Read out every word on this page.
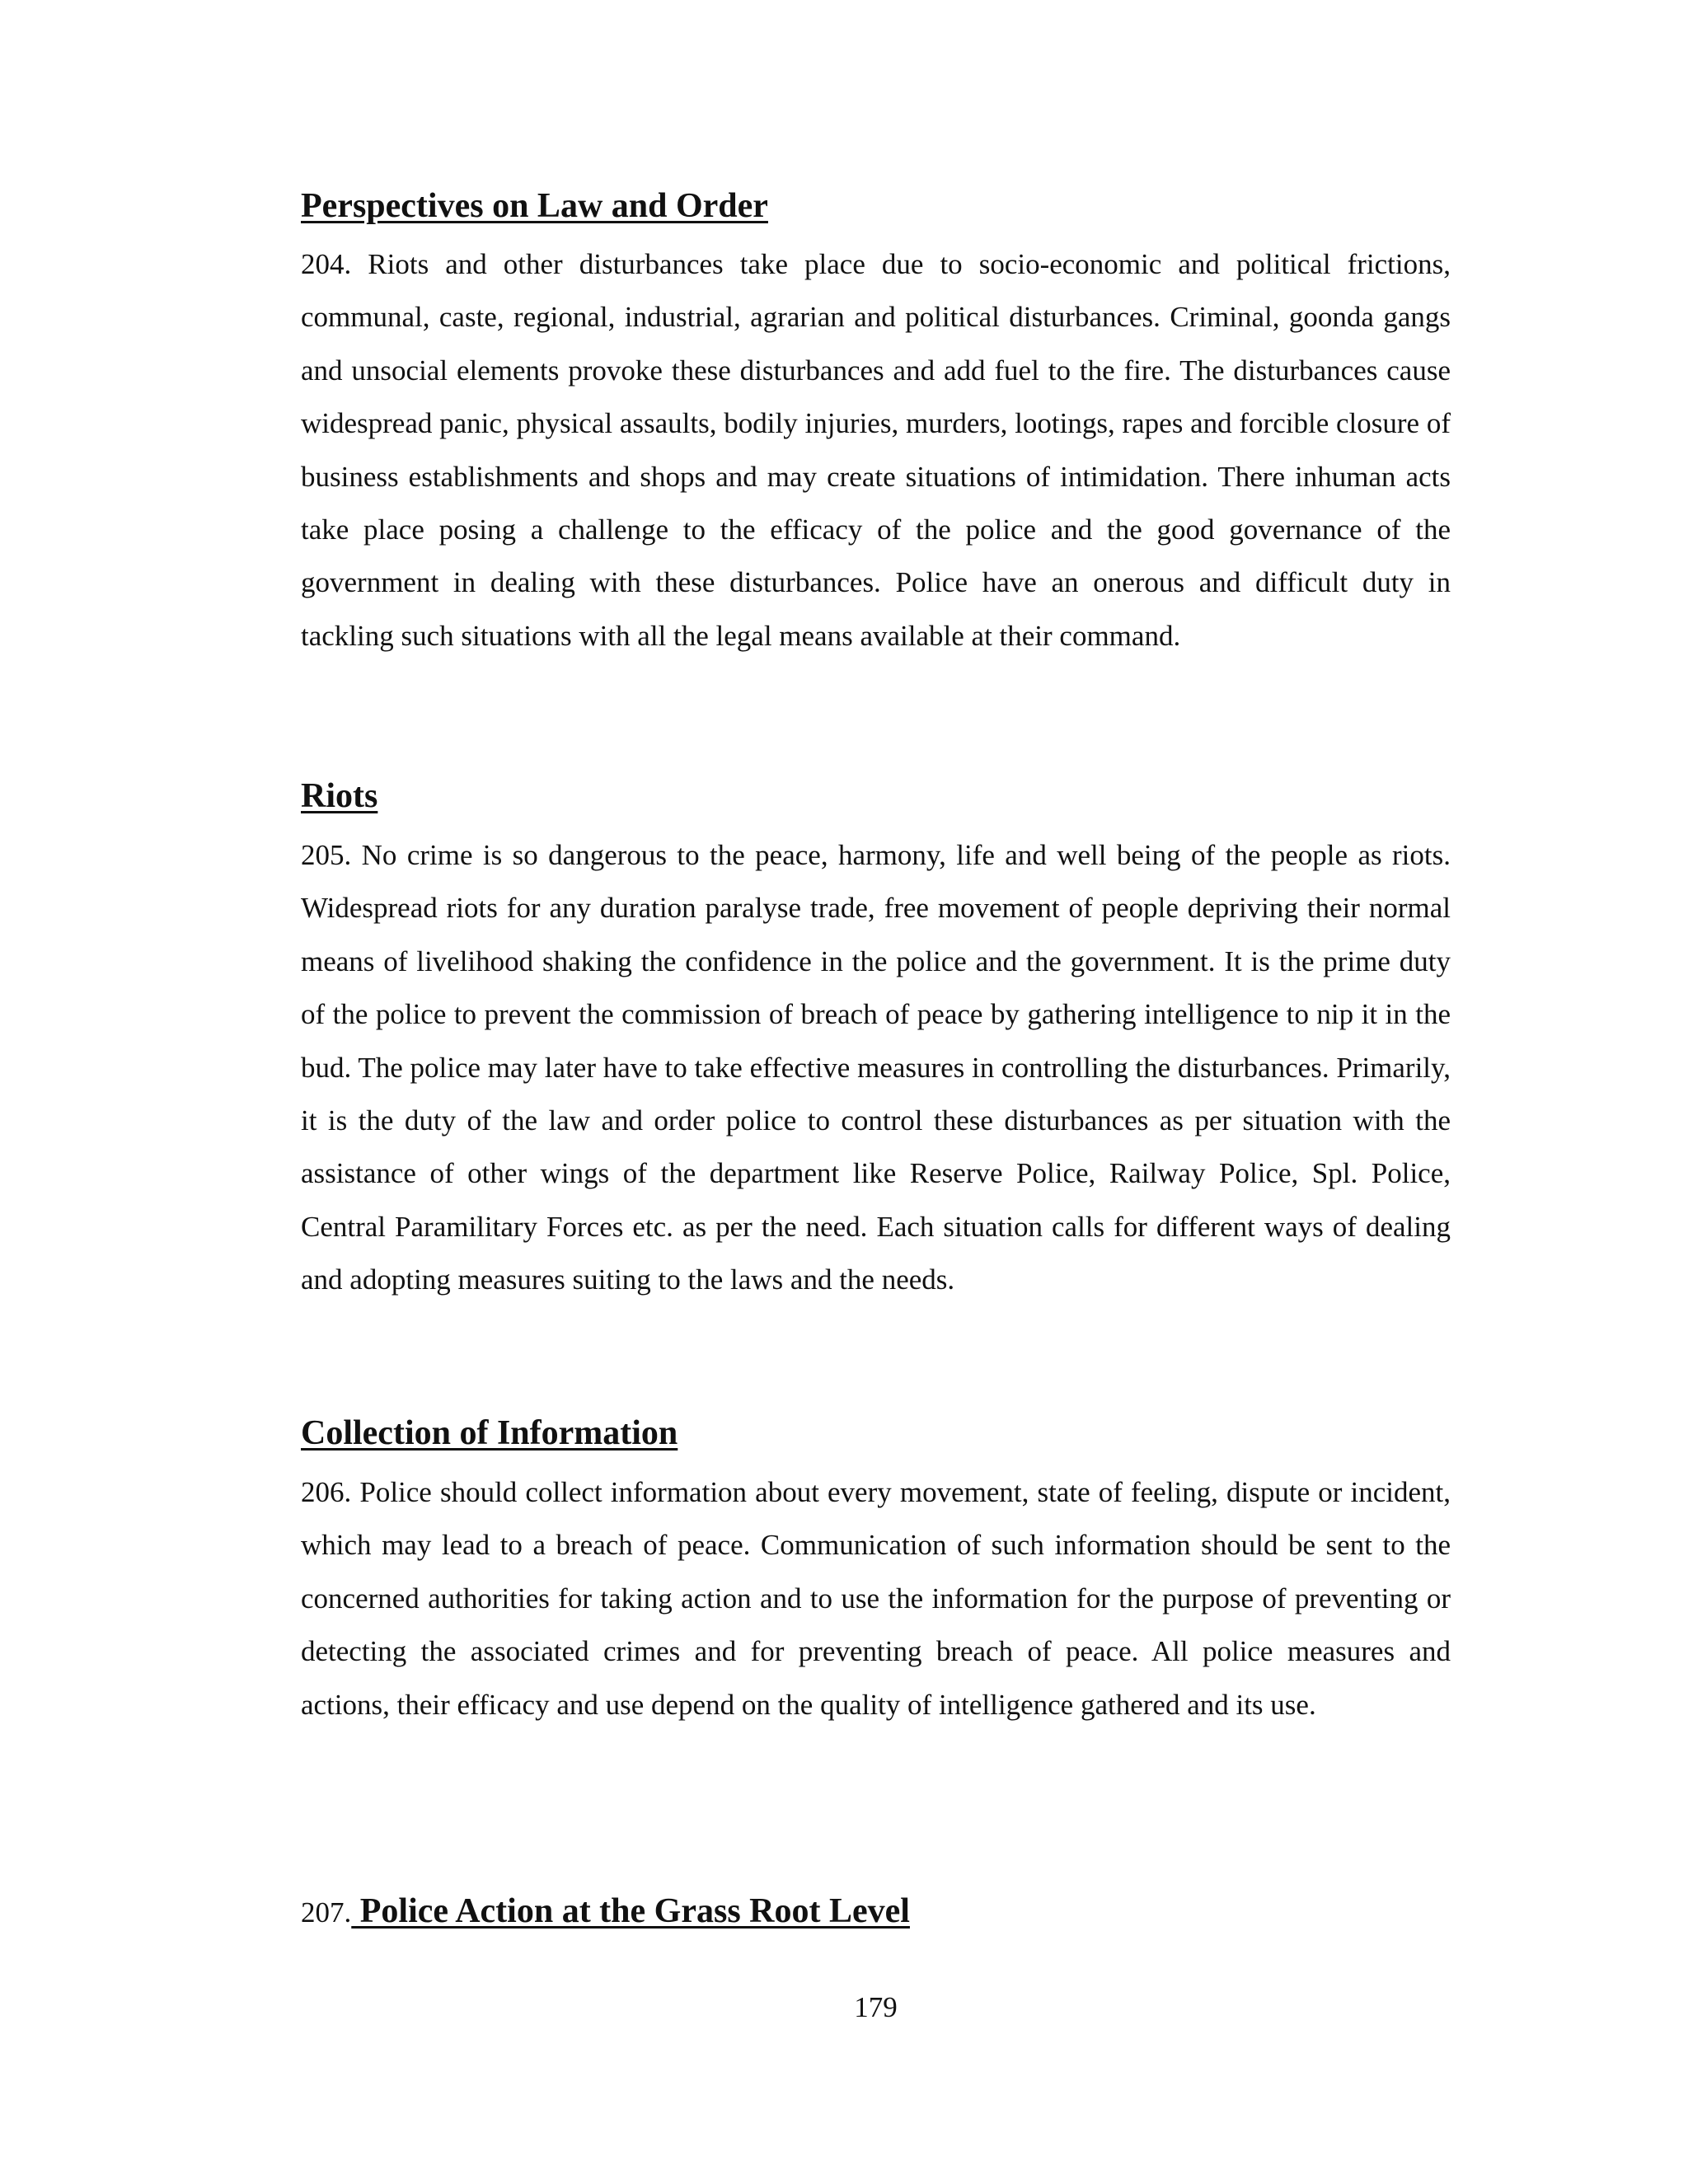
Perspectives on Law and Order

204. Riots and other disturbances take place due to socio-economic and political frictions, communal, caste, regional, industrial, agrarian and political disturbances. Criminal, goonda gangs and unsocial elements provoke these disturbances and add fuel to the fire. The disturbances cause widespread panic, physical assaults, bodily injuries, murders, lootings, rapes and forcible closure of business establishments and shops and may create situations of intimidation. There inhuman acts take place posing a challenge to the efficacy of the police and the good governance of the government in dealing with these disturbances. Police have an onerous and difficult duty in tackling such situations with all the legal means available at their command.

Riots

205. No crime is so dangerous to the peace, harmony, life and well being of the people as riots. Widespread riots for any duration paralyse trade, free movement of people depriving their normal means of livelihood shaking the confidence in the police and the government. It is the prime duty of the police to prevent the commission of breach of peace by gathering intelligence to nip it in the bud. The police may later have to take effective measures in controlling the disturbances. Primarily, it is the duty of the law and order police to control these disturbances as per situation with the assistance of other wings of the department like Reserve Police, Railway Police, Spl. Police, Central Paramilitary Forces etc. as per the need. Each situation calls for different ways of dealing and adopting measures suiting to the laws and the needs.

Collection of Information

206. Police should collect information about every movement, state of feeling, dispute or incident, which may lead to a breach of peace. Communication of such information should be sent to the concerned authorities for taking action and to use the information for the purpose of preventing or detecting the associated crimes and for preventing breach of peace. All police measures and actions, their efficacy and use depend on the quality of intelligence gathered and its use.

207. Police Action at the Grass Root Level

179
